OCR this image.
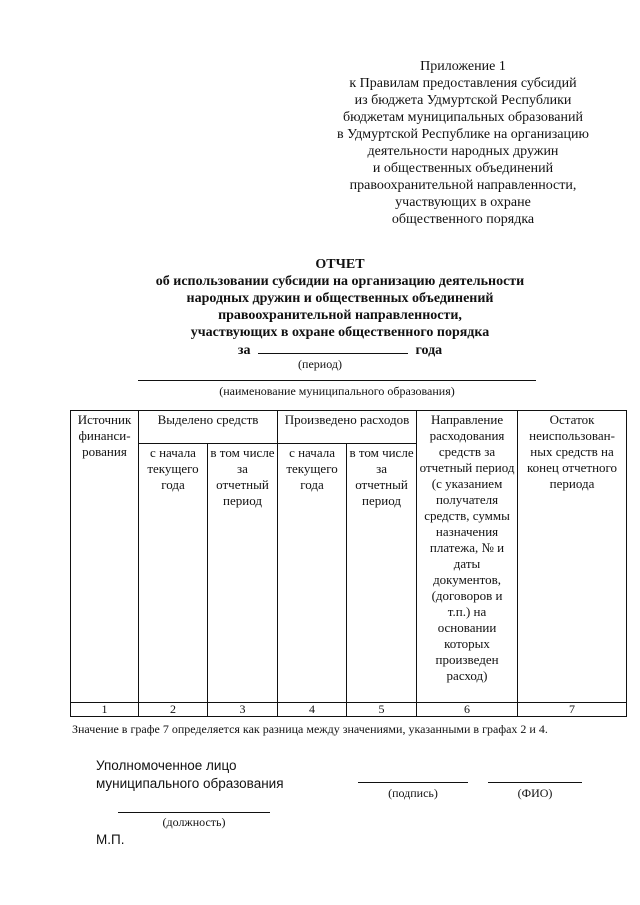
Приложение 1
к Правилам предоставления субсидий
из бюджета Удмуртской Республики
бюджетам муниципальных образований
в Удмуртской Республике на организацию
деятельности народных дружин
и общественных объединений
правоохранительной направленности,
участвующих в охране
общественного порядка
ОТЧЕТ
об использовании субсидии на организацию деятельности
народных дружин и общественных объединений
правоохранительной направленности,
участвующих в охране общественного порядка
за	года
(период)
(наименование муниципального образования)
Источник финанси-рования	Выделено средств		Произведено расходов		Направление расходования средств за отчетный период (с указанием получателя средств, суммы назначения платежа, № и даты документов, (договоров и т.п.) на основании которых произведен расход)	Остаток неиспользован-ных средств на конец отчетного периода
	с начала текущего года	в том числе за отчетный период	с начала текущего года	в том числе за отчетный период		
1	2	3	4	5	6	7
Значение в графе 7 определяется как разница между значениями, указанными в графах 2 и 4.
Уполномоченное лицо
муниципального образования
(подпись)	(ФИО)
(должность)
М.П.
